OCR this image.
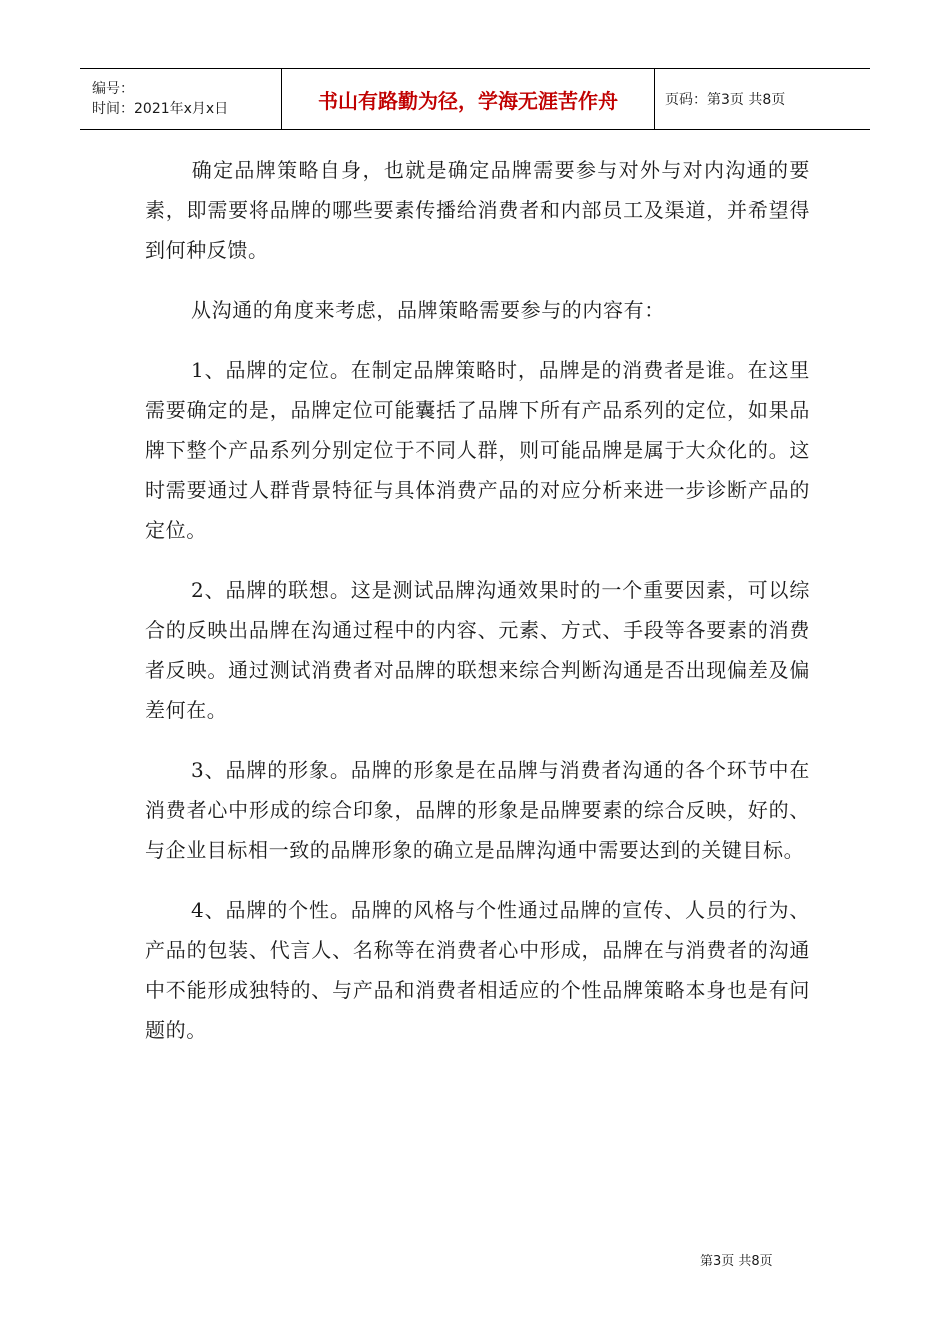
编号：
时间：2021年x月x日	书山有路勤为径，学海无涯苦作舟	页码：第3页 共8页

确定品牌策略自身，也就是确定品牌需要参与对外与对内沟通的要素，即需要将品牌的哪些要素传播给消费者和内部员工及渠道，并希望得到何种反馈。

从沟通的角度来考虑，品牌策略需要参与的内容有：

1、品牌的定位。在制定品牌策略时，品牌是的消费者是谁。在这里需要确定的是，品牌定位可能囊括了品牌下所有产品系列的定位，如果品牌下整个产品系列分别定位于不同人群，则可能品牌是属于大众化的。这时需要通过人群背景特征与具体消费产品的对应分析来进一步诊断产品的定位。

2、品牌的联想。这是测试品牌沟通效果时的一个重要因素，可以综合的反映出品牌在沟通过程中的内容、元素、方式、手段等各要素的消费者反映。通过测试消费者对品牌的联想来综合判断沟通是否出现偏差及偏差何在。

3、品牌的形象。品牌的形象是在品牌与消费者沟通的各个环节中在消费者心中形成的综合印象，品牌的形象是品牌要素的综合反映，好的、与企业目标相一致的品牌形象的确立是品牌沟通中需要达到的关键目标。

4、品牌的个性。品牌的风格与个性通过品牌的宣传、人员的行为、产品的包装、代言人、名称等在消费者心中形成，品牌在与消费者的沟通中不能形成独特的、与产品和消费者相适应的个性品牌策略本身也是有问题的。

第3页 共8页
